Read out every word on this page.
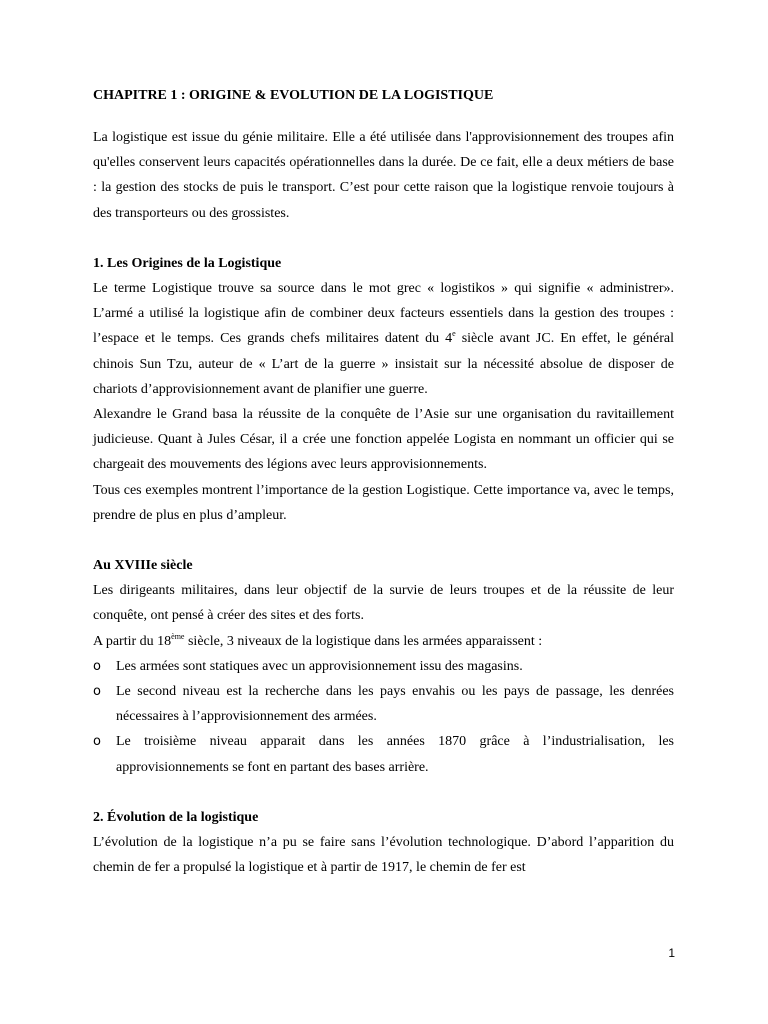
CHAPITRE 1 : ORIGINE & EVOLUTION DE LA LOGISTIQUE

La logistique est issue du génie militaire. Elle a été utilisée dans l'approvisionnement des troupes afin qu'elles conservent leurs capacités opérationnelles dans la durée. De ce fait, elle a deux métiers de base : la gestion des stocks de puis le transport. C’est pour cette raison que la logistique renvoie toujours à des transporteurs ou des grossistes.

1. Les Origines de la Logistique

Le terme Logistique trouve sa source dans le mot grec « logistikos » qui signifie « administrer». L’armé a utilisé la logistique afin de combiner deux facteurs essentiels dans la gestion des troupes : l’espace et le temps. Ces grands chefs militaires datent du 4e siècle avant JC. En effet, le général chinois Sun Tzu, auteur de « L’art de la guerre » insistait sur la nécessité absolue de disposer de chariots d’approvisionnement avant de planifier une guerre.

Alexandre le Grand basa la réussite de la conquête de l’Asie sur une organisation du ravitaillement judicieuse. Quant à Jules César, il a crée une fonction appelée Logista en nommant un officier qui se chargeait des mouvements des légions avec leurs approvisionnements.

Tous ces exemples montrent l’importance de la gestion Logistique. Cette importance va, avec le temps, prendre de plus en plus d’ampleur.

Au XVIIIe siècle

Les dirigeants militaires, dans leur objectif de la survie de leurs troupes et de la réussite de leur conquête, ont pensé à créer des sites et des forts.

A partir du 18ème siècle, 3 niveaux de la logistique dans les armées apparaissent :

o Les armées sont statiques avec un approvisionnement issu des magasins.
o Le second niveau est la recherche dans les pays envahis ou les pays de passage, les denrées nécessaires à l’approvisionnement des armées.
o Le troisième niveau apparait dans les années 1870 grâce à l’industrialisation, les approvisionnements se font en partant des bases arrière.
2. Évolution de la logistique

L’évolution de la logistique n’a pu se faire sans l’évolution technologique. D’abord l’apparition du chemin de fer a propulsé la logistique et à partir de 1917, le chemin de fer est

1
